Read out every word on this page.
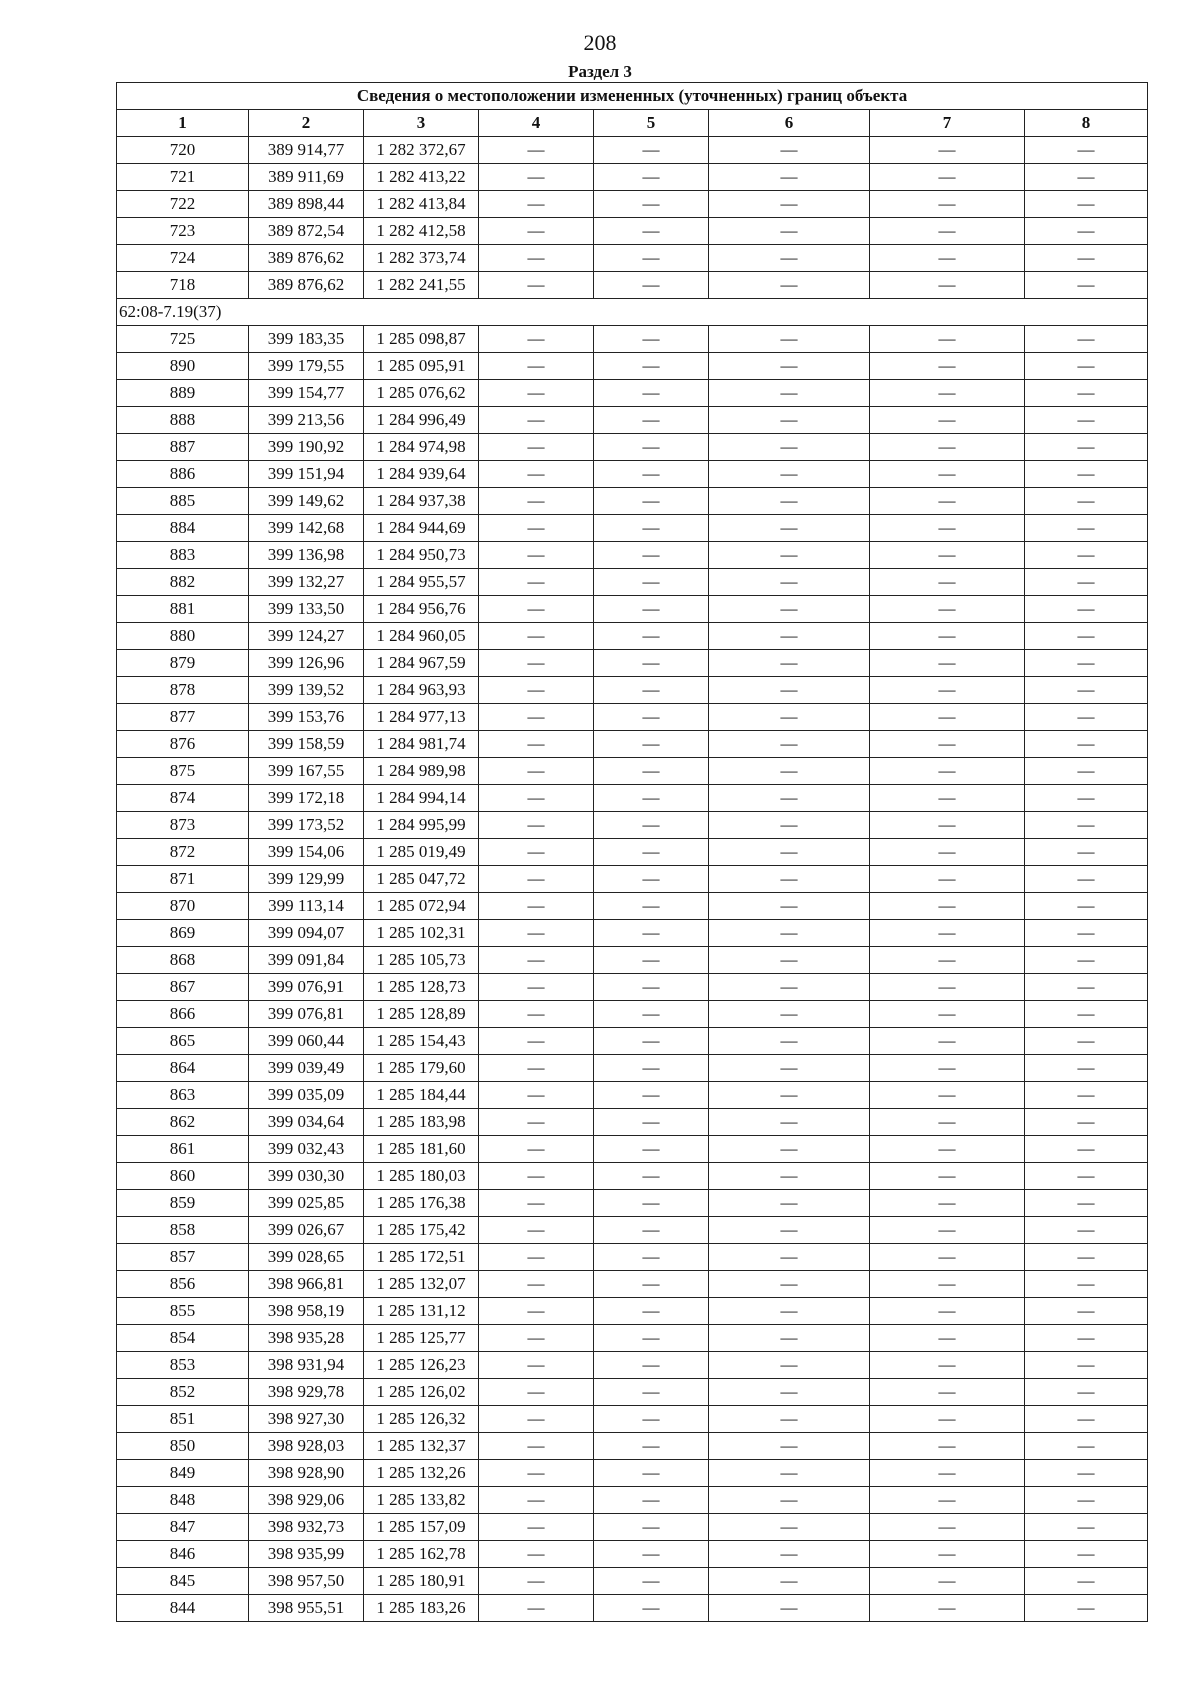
208
Раздел 3
Сведения о местоположении измененных (уточненных) границ объекта							
1	2	3	4	5	6	7	8
720	389 914,77	1 282 372,67	—	—	—	—	—
721	389 911,69	1 282 413,22	—	—	—	—	—
722	389 898,44	1 282 413,84	—	—	—	—	—
723	389 872,54	1 282 412,58	—	—	—	—	—
724	389 876,62	1 282 373,74	—	—	—	—	—
718	389 876,62	1 282 241,55	—	—	—	—	—
62:08-7.19(37)							
725	399 183,35	1 285 098,87	—	—	—	—	—
890	399 179,55	1 285 095,91	—	—	—	—	—
889	399 154,77	1 285 076,62	—	—	—	—	—
888	399 213,56	1 284 996,49	—	—	—	—	—
887	399 190,92	1 284 974,98	—	—	—	—	—
886	399 151,94	1 284 939,64	—	—	—	—	—
885	399 149,62	1 284 937,38	—	—	—	—	—
884	399 142,68	1 284 944,69	—	—	—	—	—
883	399 136,98	1 284 950,73	—	—	—	—	—
882	399 132,27	1 284 955,57	—	—	—	—	—
881	399 133,50	1 284 956,76	—	—	—	—	—
880	399 124,27	1 284 960,05	—	—	—	—	—
879	399 126,96	1 284 967,59	—	—	—	—	—
878	399 139,52	1 284 963,93	—	—	—	—	—
877	399 153,76	1 284 977,13	—	—	—	—	—
876	399 158,59	1 284 981,74	—	—	—	—	—
875	399 167,55	1 284 989,98	—	—	—	—	—
874	399 172,18	1 284 994,14	—	—	—	—	—
873	399 173,52	1 284 995,99	—	—	—	—	—
872	399 154,06	1 285 019,49	—	—	—	—	—
871	399 129,99	1 285 047,72	—	—	—	—	—
870	399 113,14	1 285 072,94	—	—	—	—	—
869	399 094,07	1 285 102,31	—	—	—	—	—
868	399 091,84	1 285 105,73	—	—	—	—	—
867	399 076,91	1 285 128,73	—	—	—	—	—
866	399 076,81	1 285 128,89	—	—	—	—	—
865	399 060,44	1 285 154,43	—	—	—	—	—
864	399 039,49	1 285 179,60	—	—	—	—	—
863	399 035,09	1 285 184,44	—	—	—	—	—
862	399 034,64	1 285 183,98	—	—	—	—	—
861	399 032,43	1 285 181,60	—	—	—	—	—
860	399 030,30	1 285 180,03	—	—	—	—	—
859	399 025,85	1 285 176,38	—	—	—	—	—
858	399 026,67	1 285 175,42	—	—	—	—	—
857	399 028,65	1 285 172,51	—	—	—	—	—
856	398 966,81	1 285 132,07	—	—	—	—	—
855	398 958,19	1 285 131,12	—	—	—	—	—
854	398 935,28	1 285 125,77	—	—	—	—	—
853	398 931,94	1 285 126,23	—	—	—	—	—
852	398 929,78	1 285 126,02	—	—	—	—	—
851	398 927,30	1 285 126,32	—	—	—	—	—
850	398 928,03	1 285 132,37	—	—	—	—	—
849	398 928,90	1 285 132,26	—	—	—	—	—
848	398 929,06	1 285 133,82	—	—	—	—	—
847	398 932,73	1 285 157,09	—	—	—	—	—
846	398 935,99	1 285 162,78	—	—	—	—	—
845	398 957,50	1 285 180,91	—	—	—	—	—
844	398 955,51	1 285 183,26	—	—	—	—	—
